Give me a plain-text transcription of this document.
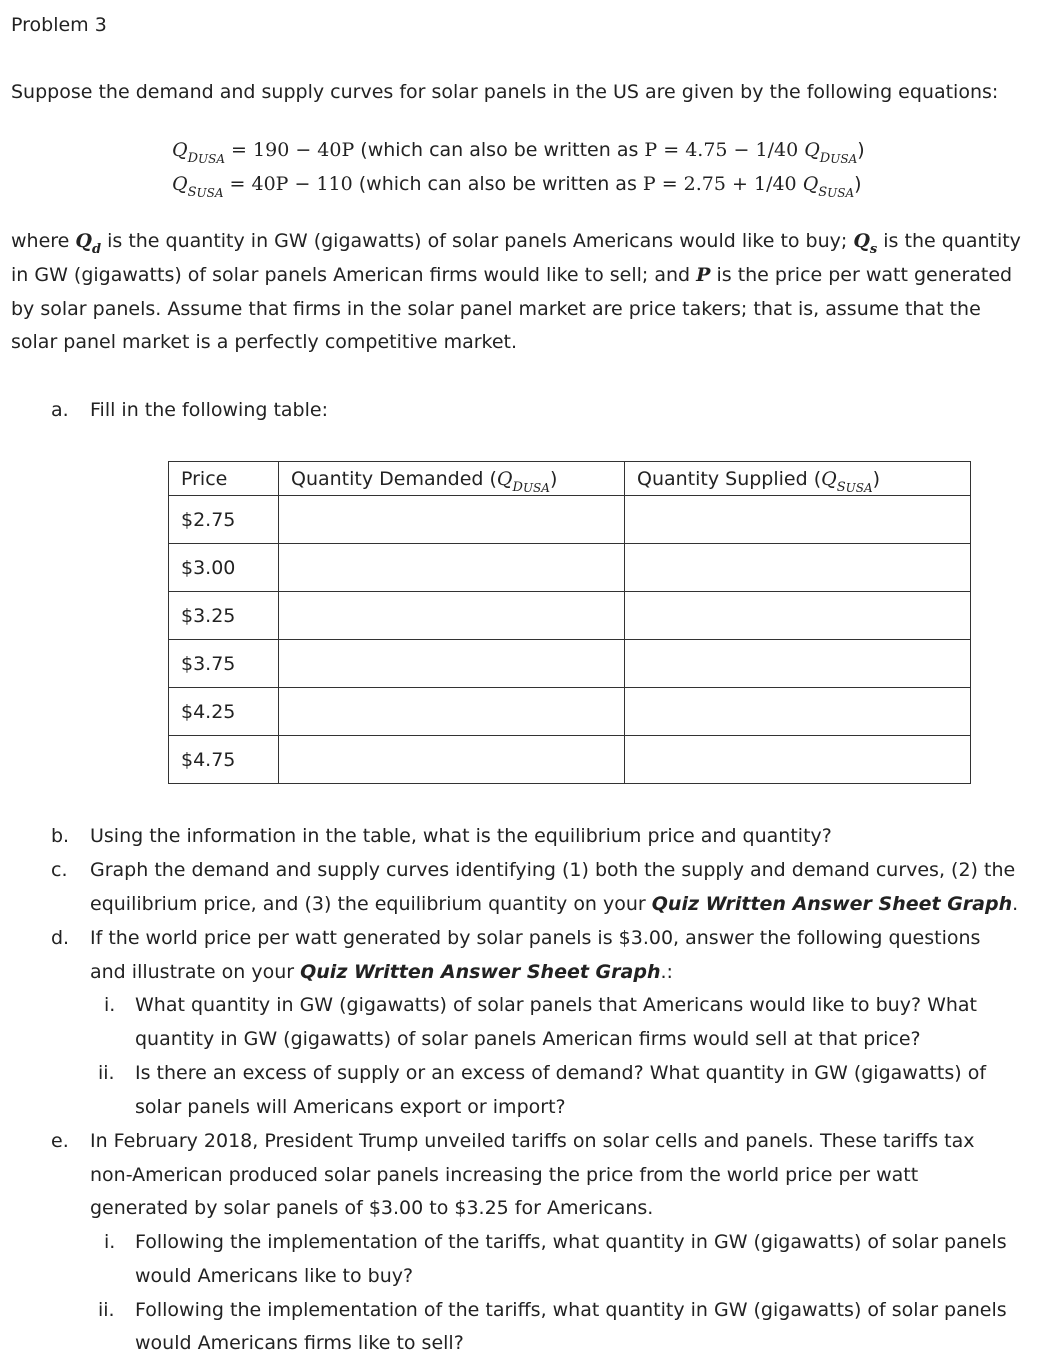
Problem 3
Suppose the demand and supply curves for solar panels in the US are given by the following equations:
$Q_{DUSA} = 190 - 40P$ (which can also be written as P = 4.75 − 1/40 $Q_{DUSA}$)
$Q_{SUSA} = 40P - 110$ (which can also be written as P = 2.75 + 1/40 $Q_{SUSA}$)
where $Q_d$ is the quantity in GW (gigawatts) of solar panels Americans would like to buy; $Q_s$ is the quantity
in GW (gigawatts) of solar panels American firms would like to sell; and P is the price per watt generated
by solar panels. Assume that firms in the solar panel market are price takers; that is, assume that the
solar panel market is a perfectly competitive market.
a. Fill in the following table:
Price	Quantity Demanded $(Q_{DUSA})$	Quantity Supplied $(Q_{SUSA})$
$2.75		
$3.00		
$3.25		
$3.75		
$4.25		
$4.75		
b. Using the information in the table, what is the equilibrium price and quantity?
c. Graph the demand and supply curves identifying (1) both the supply and demand curves, (2) the
equilibrium price, and (3) the equilibrium quantity on your Quiz Written Answer Sheet Graph.
d. If the world price per watt generated by solar panels is $3.00, answer the following questions
and illustrate on your Quiz Written Answer Sheet Graph.:
i. What quantity in GW (gigawatts) of solar panels that Americans would like to buy? What
quantity in GW (gigawatts) of solar panels American firms would sell at that price?
ii. Is there an excess of supply or an excess of demand? What quantity in GW (gigawatts) of
solar panels will Americans export or import?
e. In February 2018, President Trump unveiled tariffs on solar cells and panels. These tariffs tax
non-American produced solar panels increasing the price from the world price per watt
generated by solar panels of $3.00 to $3.25 for Americans.
i. Following the implementation of the tariffs, what quantity in GW (gigawatts) of solar panels
would Americans like to buy?
ii. Following the implementation of the tariffs, what quantity in GW (gigawatts) of solar panels
would Americans firms like to sell?
